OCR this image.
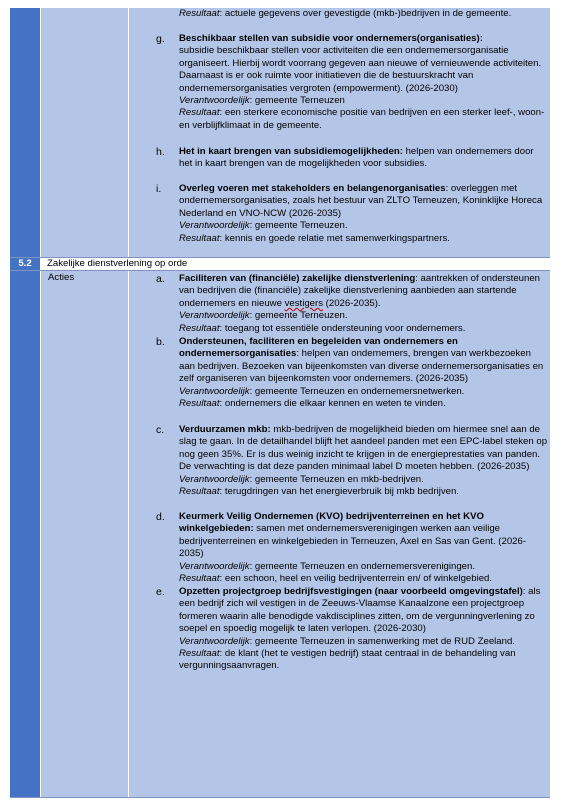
5.2	Zakelijke dienstverlening op orde
Acties

Resultaat: actuele gegevens over gevestigde (mkb-)bedrijven in de gemeente.

g.	Beschikbaar stellen van subsidie voor ondernemers(organisaties):
subsidie beschikbaar stellen voor activiteiten die een ondernemersorganisatie organiseert. Hierbij wordt voorrang gegeven aan nieuwe of vernieuwende activiteiten. Daarnaast is er ook ruimte voor initiatieven die de bestuurskracht van ondernemersorganisaties vergroten (empowerment). (2026-2030)

Verantwoordelijk: gemeente Terneuzen

Resultaat: een sterkere economische positie van bedrijven en een sterker leef-, woon- en verblijfklimaat in de gemeente.

h.	Het in kaart brengen van subsidiemogelijkheden: helpen van ondernemers door het in kaart brengen van de mogelijkheden voor subsidies.

i.	Overleg voeren met stakeholders en belangenorganisaties: overleggen met ondernemersorganisaties, zoals het bestuur van ZLTO Terneuzen, Koninklijke Horeca Nederland en VNO-NCW (2026-2035)

Verantwoordelijk: gemeente Terneuzen.

Resultaat: kennis en goede relatie met samenwerkingspartners.

a.	Faciliteren van (financiële) zakelijke dienstverlening: aantrekken of ondersteunen van bedrijven die (financiële) zakelijke dienstverlening aanbieden aan startende ondernemers en nieuwe vestigers (2026-2035).

Verantwoordelijk: gemeente Terneuzen.

Resultaat: toegang tot essentiële ondersteuning voor ondernemers.

b.	Ondersteunen, faciliteren en begeleiden van ondernemers en ondernemersorganisaties: helpen van ondernemers, brengen van werkbezoeken aan bedrijven. Bezoeken van bijeenkomsten van diverse ondernemersorganisaties en zelf organiseren van bijeenkomsten voor ondernemers. (2026-2035)

Verantwoordelijk: gemeente Terneuzen en ondernemersnetwerken.

Resultaat: ondernemers die elkaar kennen en weten te vinden.

c.	Verduurzamen mkb: mkb-bedrijven de mogelijkheid bieden om hiermee snel aan de slag te gaan. In de detailhandel blijft het aandeel panden met een EPC-label steken op nog geen 35%. Er is dus weinig inzicht te krijgen in de energieprestaties van panden. De verwachting is dat deze panden minimaal label D moeten hebben. (2026-2035)

Verantwoordelijk: gemeente Terneuzen en mkb-bedrijven.

Resultaat: terugdringen van het energieverbruik bij mkb bedrijven.

d.	Keurmerk Veilig Ondernemen (KVO) bedrijventerreinen en het KVO winkelgebieden: samen met ondernemersverenigingen werken aan veilige bedrijventerreinen en winkelgebieden in Terneuzen, Axel en Sas van Gent. (2026-2035)

Verantwoordelijk: gemeente Terneuzen en ondernemersverenigingen.

Resultaat: een schoon, heel en veilig bedrijventerrein en/ of winkelgebied.

e.	Opzetten projectgroep bedrijfsvestigingen (naar voorbeeld omgevingstafel): als een bedrijf zich wil vestigen in de Zeeuws-Vlaamse Kanaalzone een projectgroep formeren waarin alle benodigde vakdisciplines zitten, om de vergunningverlening zo soepel en spoedig mogelijk te laten verlopen. (2026-2030)

Verantwoordelijk: gemeente Terneuzen in samenwerking met de RUD Zeeland.

Resultaat: de klant (het te vestigen bedrijf) staat centraal in de behandeling van vergunningsaanvragen.
